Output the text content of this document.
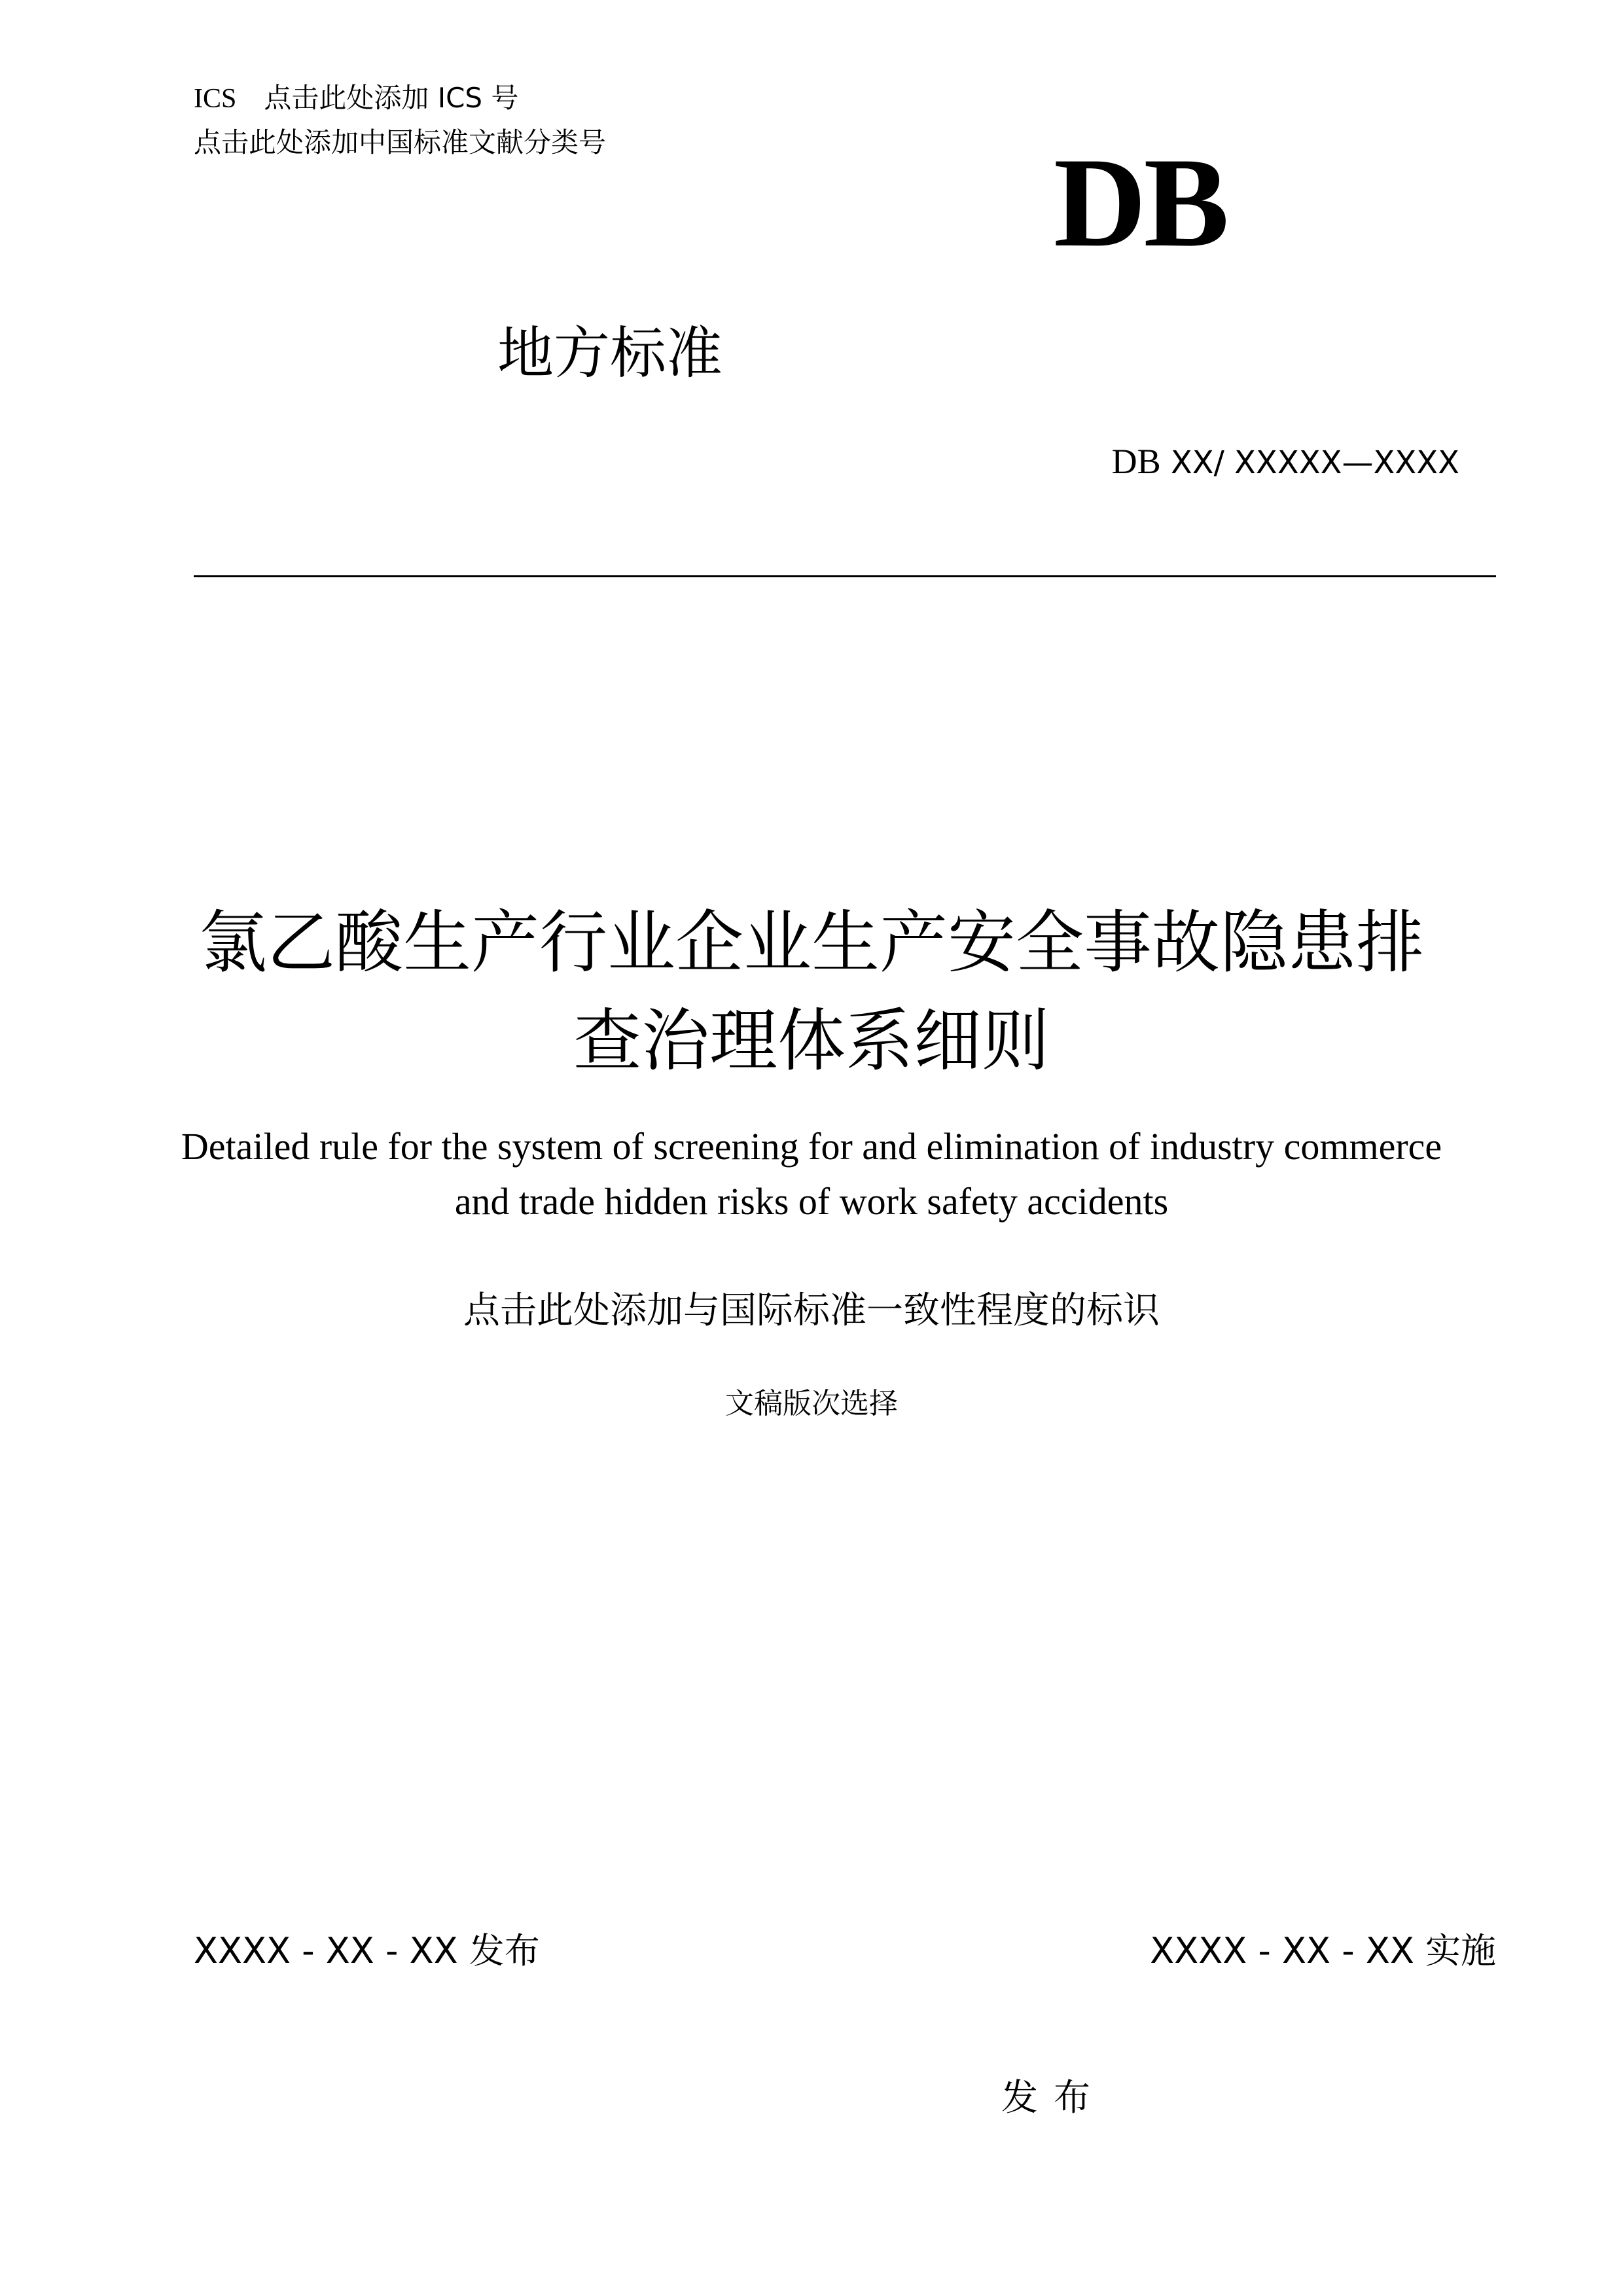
ICS 点击此处添加 ICS 号
点击此处添加中国标准文献分类号	DB
地方标准
DB XX/ XXXXX—XXXX
氯乙酸生产行业企业生产安全事故隐患排
查治理体系细则
Detailed rule for the system of screening for and elimination of industry commerce
and trade hidden risks of work safety accidents
点击此处添加与国际标准一致性程度的标识
文稿版次选择
XXXX - XX - XX 发布	XXXX - XX - XX 实施
发布
